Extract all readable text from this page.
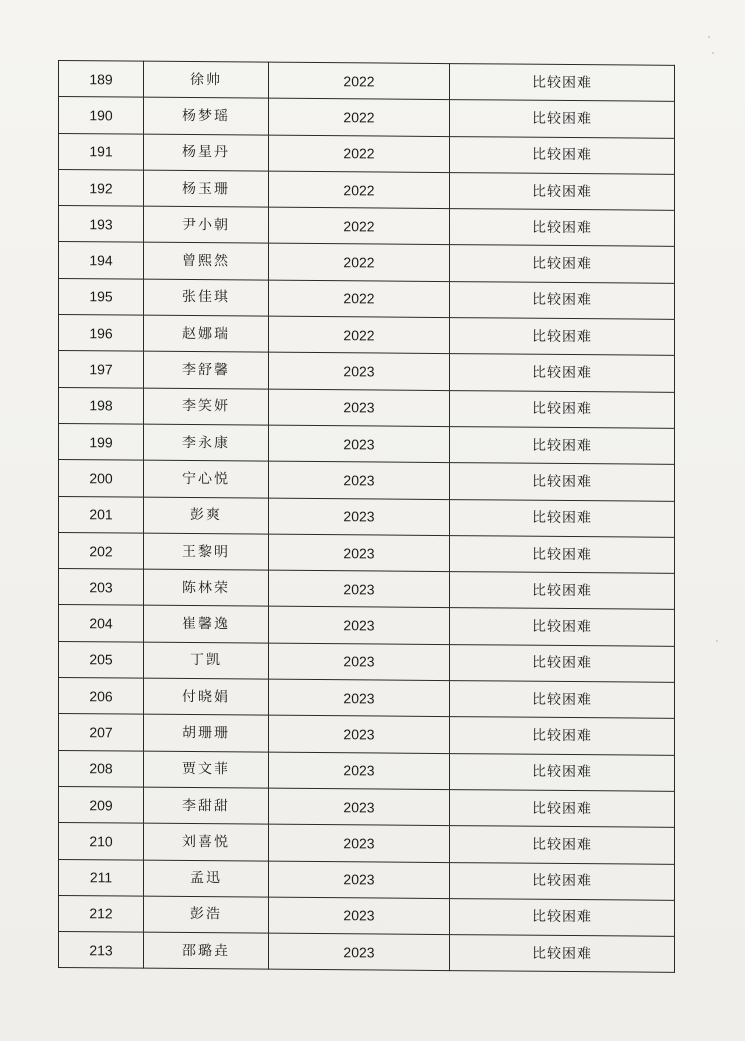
189	徐帅	2022	比较困难
190	杨梦瑶	2022	比较困难
191	杨星丹	2022	比较困难
192	杨玉珊	2022	比较困难
193	尹小朝	2022	比较困难
194	曾熙然	2022	比较困难
195	张佳琪	2022	比较困难
196	赵娜瑞	2022	比较困难
197	李舒馨	2023	比较困难
198	李笑妍	2023	比较困难
199	李永康	2023	比较困难
200	宁心悦	2023	比较困难
201	彭爽	2023	比较困难
202	王黎明	2023	比较困难
203	陈林荣	2023	比较困难
204	崔馨逸	2023	比较困难
205	丁凯	2023	比较困难
206	付晓娟	2023	比较困难
207	胡珊珊	2023	比较困难
208	贾文菲	2023	比较困难
209	李甜甜	2023	比较困难
210	刘喜悦	2023	比较困难
211	孟迅	2023	比较困难
212	彭浩	2023	比较困难
213	邵璐垚	2023	比较困难
